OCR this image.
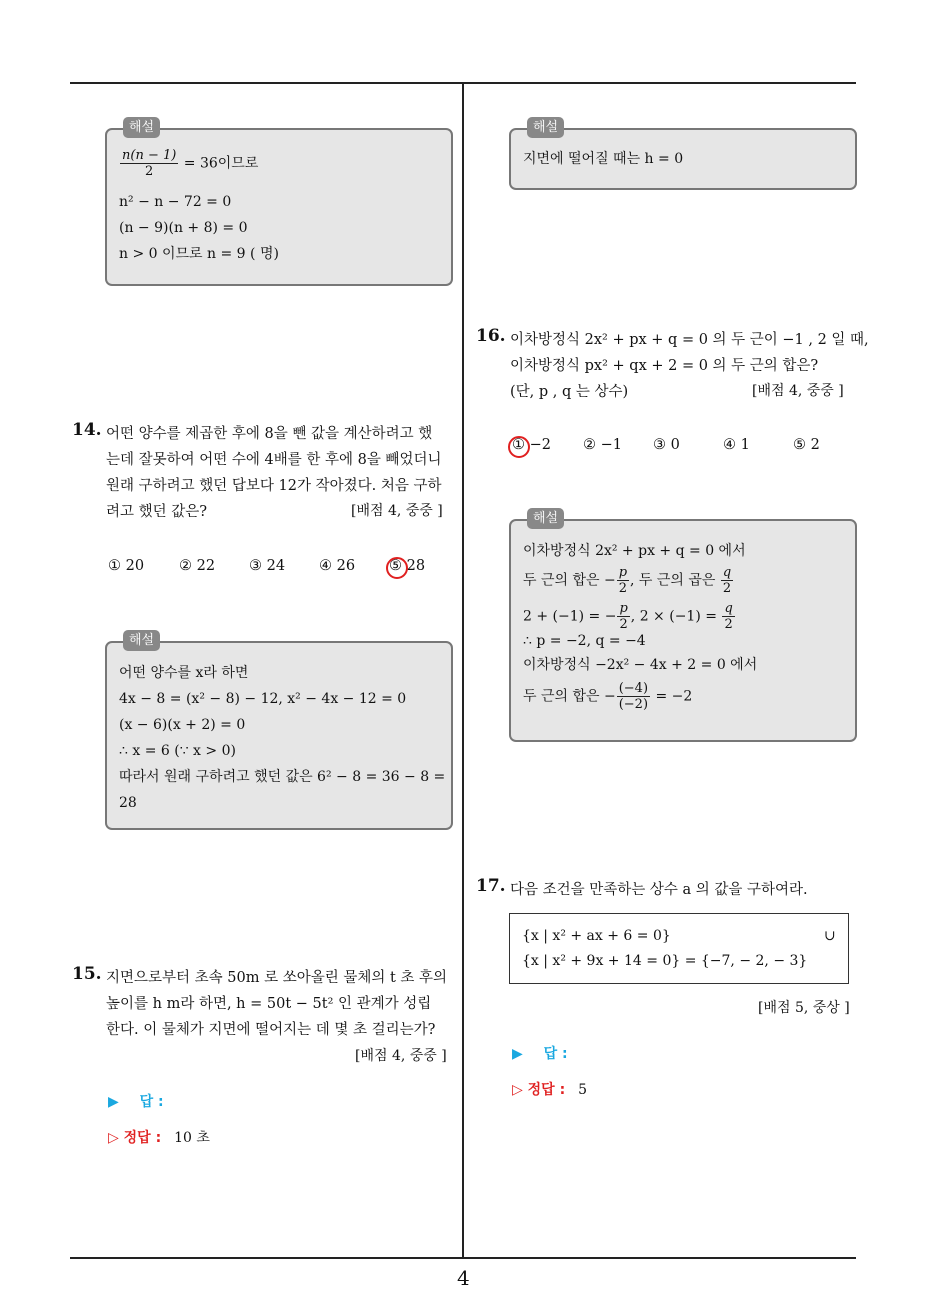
해설
$\frac{n(n - 1)}{2} = 36$이므로
n² − n − 72 = 0
(n − 9)(n + 8) = 0
n > 0 이므로 n = 9 ( 명)
14. 어떤 양수를 제곱한 후에 8을 뺀 값을 계산하려고 했
는데 잘못하여 어떤 수에 4배를 한 후에 8을 빼었더니
원래 구하려고 했던 답보다 12가 작아졌다. 처음 구하
려고 했던 값은?	[배점 4, 중중 ]
① 20 ② 22 ③ 24 ④ 26 ⑤ 28
해설
어떤 양수를 x라 하면
4x − 8 = (x² − 8) − 12, x² − 4x − 12 = 0
(x − 6)(x + 2) = 0
∴ x = 6 (∵ x > 0)
따라서 원래 구하려고 했던 값은 6² − 8 = 36 − 8 =
28
15. 지면으로부터 초속 50m 로 쏘아올린 물체의 t 초 후의
높이를 h m라 하면, h = 50t − 5t² 인 관계가 성립
한다. 이 물체가 지면에 떨어지는 데 몇 초 걸리는가?
[배점 4, 중중 ]
▶ 답 :
▷ 정답 : 10 초
해설
지면에 떨어질 때는 h = 0
16. 이차방정식 2x² + px + q = 0 의 두 근이 −1 , 2 일 때,
이차방정식 px² + qx + 2 = 0 의 두 근의 합은?
(단, p , q 는 상수)	[배점 4, 중중 ]
① −2 ② −1 ③ 0	④ 1	⑤ 2
해설
이차방정식 2x² + px + q = 0 에서
두 근의 합은 − $\frac{p}{2}$ , 두 근의 곱은 $\frac{q}{2}$
2 + (−1) = − $\frac{p}{2}$ , $2 \times (-1) = \frac{q}{2}$
∴ p = −2, q = −4
이차방정식 −2x² − 4x + 2 = 0 에서
두 근의 합은 − $\frac{(-4)}{(-2)} = -2$
17. 다음 조건을 만족하는 상수 a 의 값을 구하여라.
{x | x² + ax + 6 = 0}	∪
{x | x² + 9x + 14 = 0} = {−7, − 2, − 3}
[배점 5, 중상 ]
▶ 답 :
▷ 정답 : 5
4
